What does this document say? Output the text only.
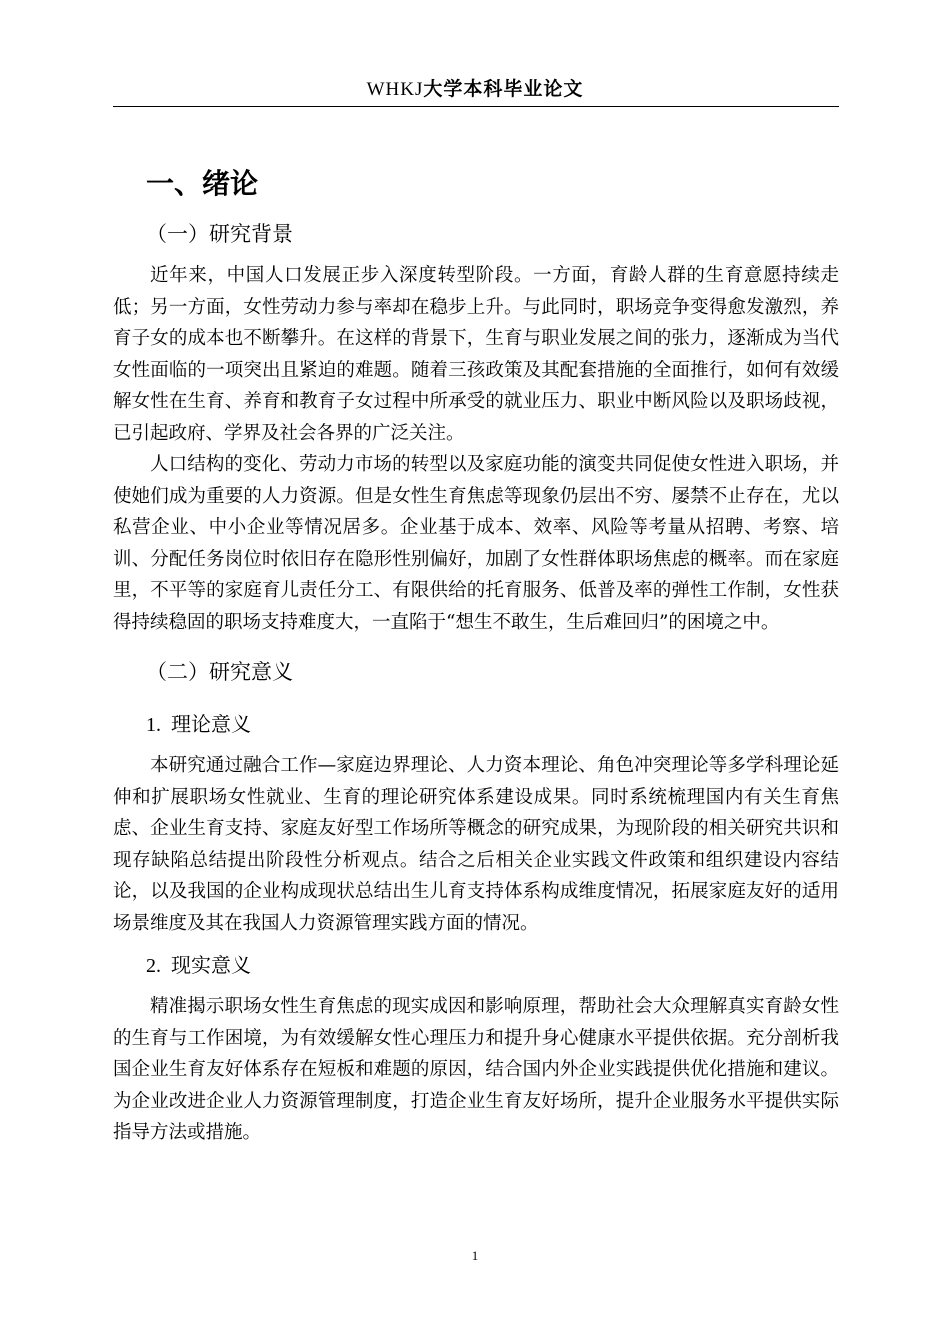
WHKJ大学本科毕业论文
一、绪论
（一）研究背景

近年来，中国人口发展正步入深度转型阶段。一方面，育龄人群的生育意愿持续走低；另一方面，女性劳动力参与率却在稳步上升。与此同时，职场竞争变得愈发激烈，养育子女的成本也不断攀升。在这样的背景下，生育与职业发展之间的张力，逐渐成为当代女性面临的一项突出且紧迫的难题。随着三孩政策及其配套措施的全面推行，如何有效缓解女性在生育、养育和教育子女过程中所承受的就业压力、职业中断风险以及职场歧视，已引起政府、学界及社会各界的广泛关注。

人口结构的变化、劳动力市场的转型以及家庭功能的演变共同促使女性进入职场，并使她们成为重要的人力资源。但是女性生育焦虑等现象仍层出不穷、屡禁不止存在，尤以私营企业、中小企业等情况居多。企业基于成本、效率、风险等考量从招聘、考察、培训、分配任务岗位时依旧存在隐形性别偏好，加剧了女性群体职场焦虑的概率。而在家庭里，不平等的家庭育儿责任分工、有限供给的托育服务、低普及率的弹性工作制，女性获得持续稳固的职场支持难度大，一直陷于“想生不敢生，生后难回归”的困境之中。

（二）研究意义
1. 理论意义

本研究通过融合工作—家庭边界理论、人力资本理论、角色冲突理论等多学科理论延伸和扩展职场女性就业、生育的理论研究体系建设成果。同时系统梳理国内有关生育焦虑、企业生育支持、家庭友好型工作场所等概念的研究成果，为现阶段的相关研究共识和现存缺陷总结提出阶段性分析观点。结合之后相关企业实践文件政策和组织建设内容结论，以及我国的企业构成现状总结出生儿育支持体系构成维度情况，拓展家庭友好的适用场景维度及其在我国人力资源管理实践方面的情况。

2. 现实意义

精准揭示职场女性生育焦虑的现实成因和影响原理，帮助社会大众理解真实育龄女性的生育与工作困境，为有效缓解女性心理压力和提升身心健康水平提供依据。充分剖析我国企业生育友好体系存在短板和难题的原因，结合国内外企业实践提供优化措施和建议。为企业改进企业人力资源管理制度，打造企业生育友好场所，提升企业服务水平提供实际指导方法或措施。

1
